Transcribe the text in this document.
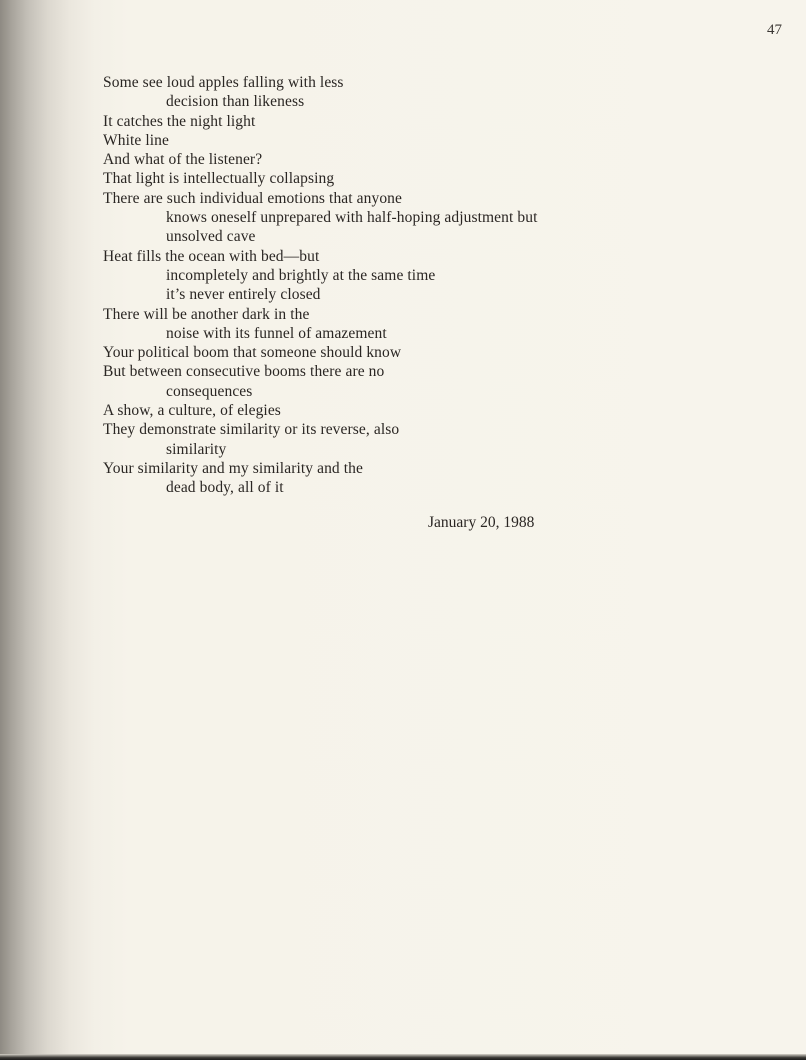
47
Some see loud apples falling with less
decision than likeness
It catches the night light
White line
And what of the listener?
That light is intellectually collapsing
There are such individual emotions that anyone
knows oneself unprepared with half-hoping adjustment but
unsolved cave
Heat fills the ocean with bed—but
incompletely and brightly at the same time
it’s never entirely closed
There will be another dark in the
noise with its funnel of amazement
Your political boom that someone should know
But between consecutive booms there are no
consequences
A show, a culture, of elegies
They demonstrate similarity or its reverse, also
similarity
Your similarity and my similarity and the
dead body, all of it
January 20, 1988
